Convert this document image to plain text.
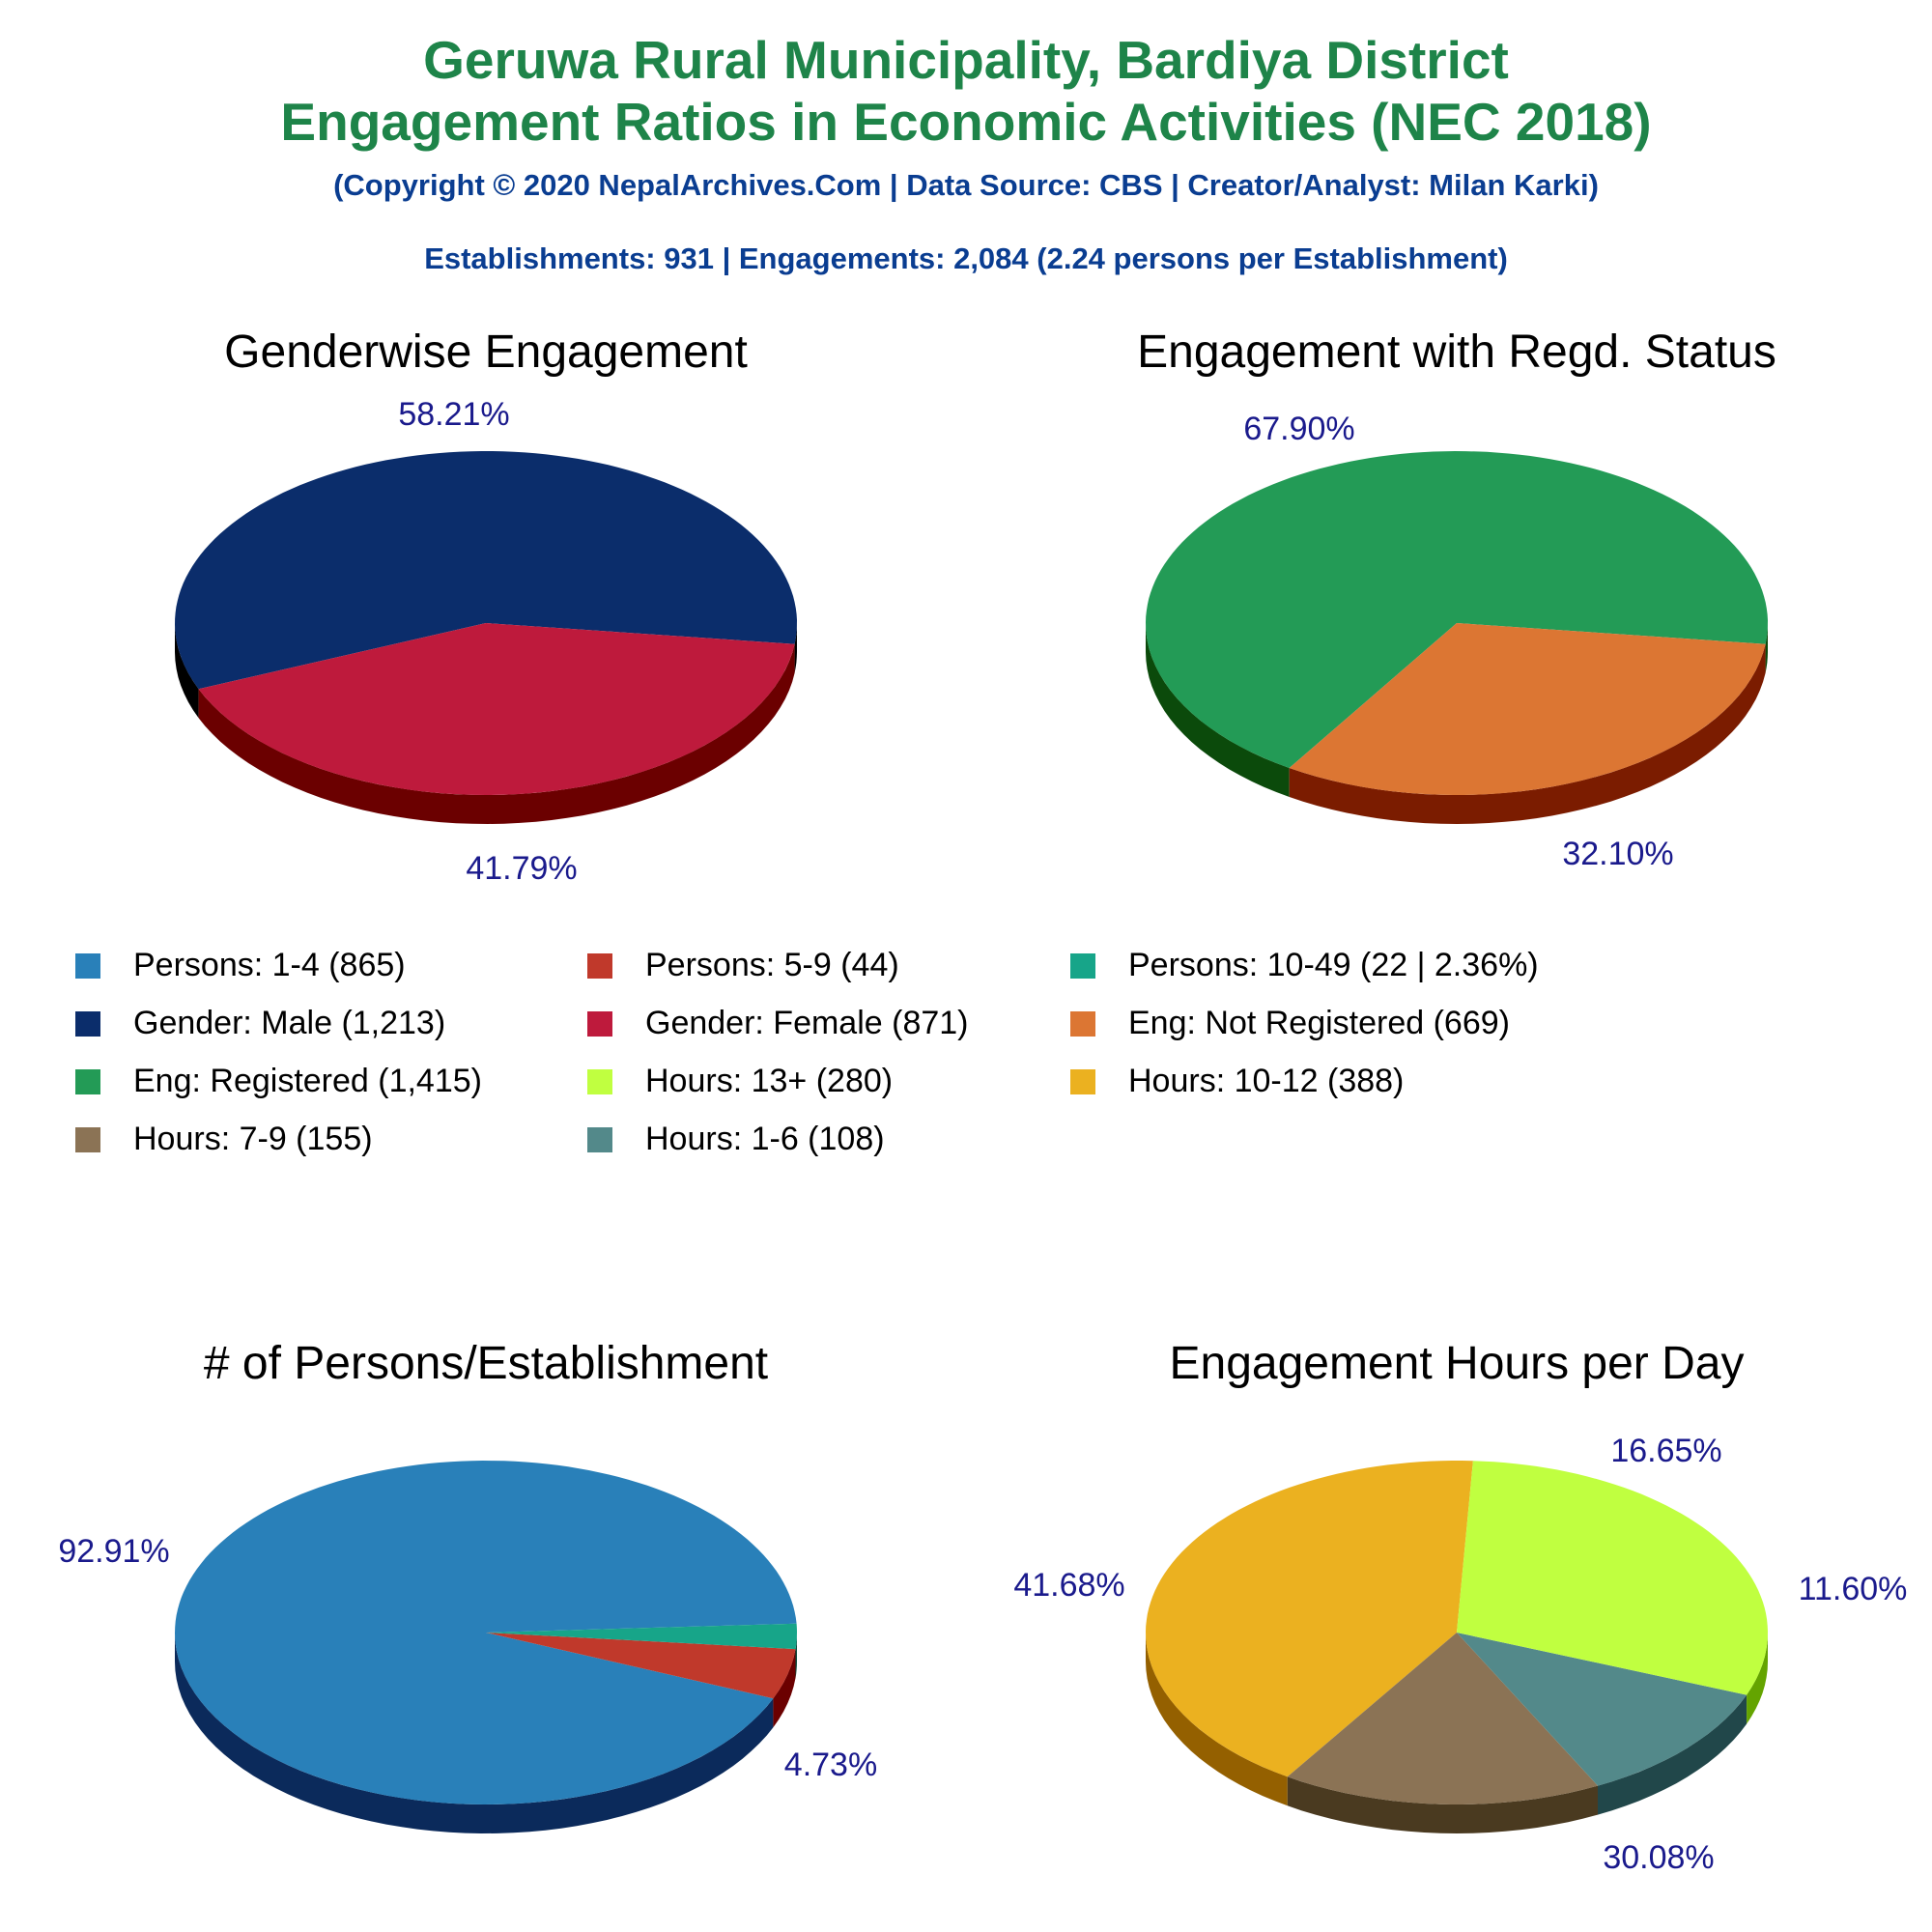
Geruwa Rural Municipality, Bardiya District
Engagement Ratios in Economic Activities (NEC 2018)
(Copyright © 2020 NepalArchives.Com | Data Source: CBS | Creator/Analyst: Milan Karki)
Establishments: 931 | Engagements: 2,084 (2.24 persons per Establishment)
Genderwise Engagement
58.21%
41.79%
Engagement with Regd. Status
67.90%
32.10%
# of Persons/Establishment
92.91%
4.73%
Engagement Hours per Day
41.68%
16.65%
11.60%
30.08%
Persons: 1-4 (865)	Persons: 5-9 (44)	Persons: 10-49 (22 | 2.36%)
Gender: Male (1,213)	Gender: Female (871)	Eng: Not Registered (669)
Eng: Registered (1,415)	Hours: 13+ (280)	Hours: 10-12 (388)
Hours: 7-9 (155)	Hours: 1-6 (108)
